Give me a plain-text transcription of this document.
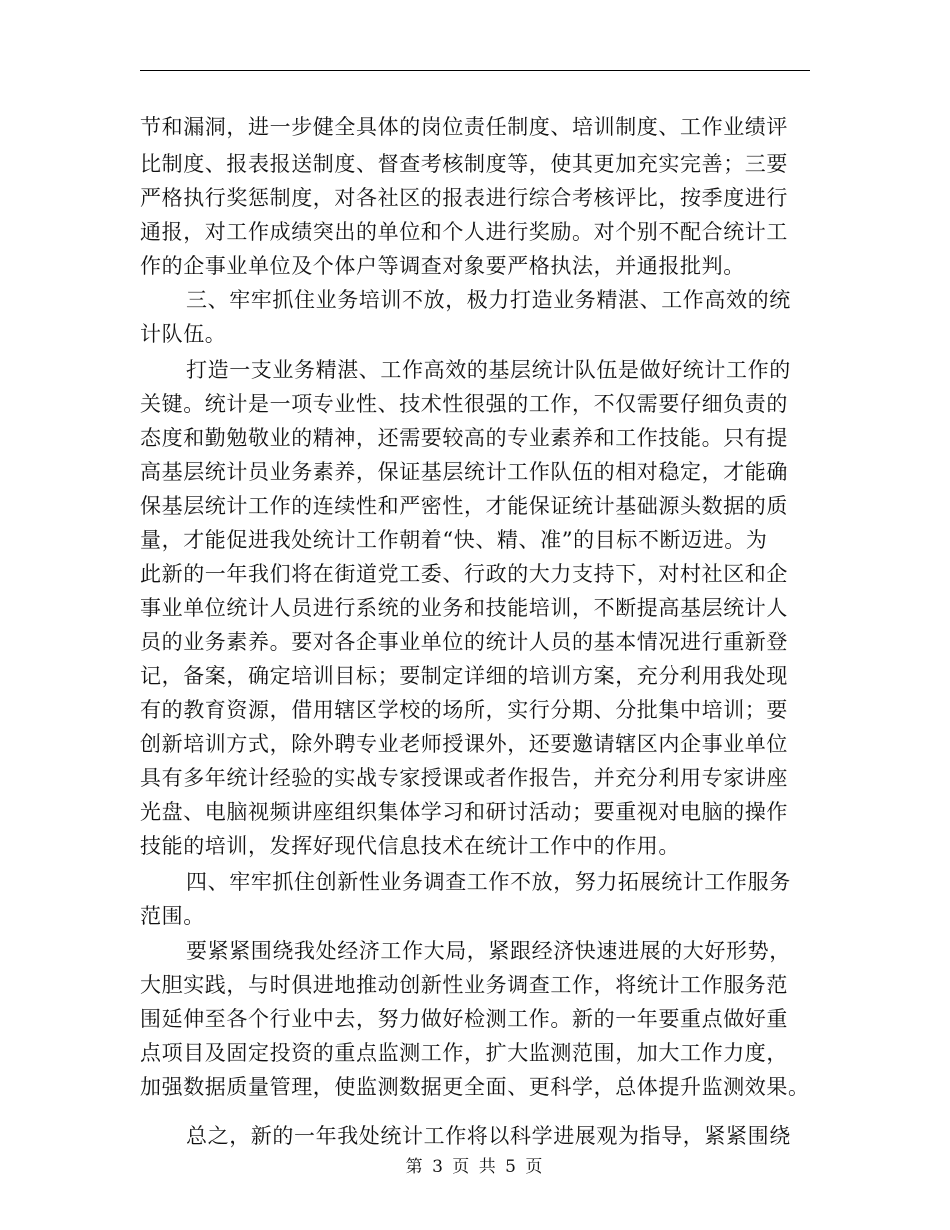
节和漏洞，进一步健全具体的岗位责任制度、培训制度、工作业绩评
比制度、报表报送制度、督查考核制度等，使其更加充实完善；三要
严格执行奖惩制度，对各社区的报表进行综合考核评比，按季度进行
通报，对工作成绩突出的单位和个人进行奖励。对个别不配合统计工
作的企事业单位及个体户等调查对象要严格执法，并通报批判。
三、牢牢抓住业务培训不放，极力打造业务精湛、工作高效的统
计队伍。
打造一支业务精湛、工作高效的基层统计队伍是做好统计工作的
关键。统计是一项专业性、技术性很强的工作，不仅需要仔细负责的
态度和勤勉敬业的精神，还需要较高的专业素养和工作技能。只有提
高基层统计员业务素养，保证基层统计工作队伍的相对稳定，才能确
保基层统计工作的连续性和严密性，才能保证统计基础源头数据的质
量，才能促进我处统计工作朝着“快、精、准”的目标不断迈进。为
此新的一年我们将在街道党工委、行政的大力支持下，对村社区和企
事业单位统计人员进行系统的业务和技能培训，不断提高基层统计人
员的业务素养。要对各企事业单位的统计人员的基本情况进行重新登
记，备案，确定培训目标；要制定详细的培训方案，充分利用我处现
有的教育资源，借用辖区学校的场所，实行分期、分批集中培训；要
创新培训方式，除外聘专业老师授课外，还要邀请辖区内企事业单位
具有多年统计经验的实战专家授课或者作报告，并充分利用专家讲座
光盘、电脑视频讲座组织集体学习和研讨活动；要重视对电脑的操作
技能的培训，发挥好现代信息技术在统计工作中的作用。
四、牢牢抓住创新性业务调查工作不放，努力拓展统计工作服务
范围。
要紧紧围绕我处经济工作大局，紧跟经济快速进展的大好形势，
大胆实践，与时俱进地推动创新性业务调查工作，将统计工作服务范
围延伸至各个行业中去，努力做好检测工作。新的一年要重点做好重
点项目及固定投资的重点监测工作，扩大监测范围，加大工作力度，
加强数据质量管理，使监测数据更全面、更科学，总体提升监测效果。
总之，新的一年我处统计工作将以科学进展观为指导，紧紧围绕
第 3 页 共 5 页
